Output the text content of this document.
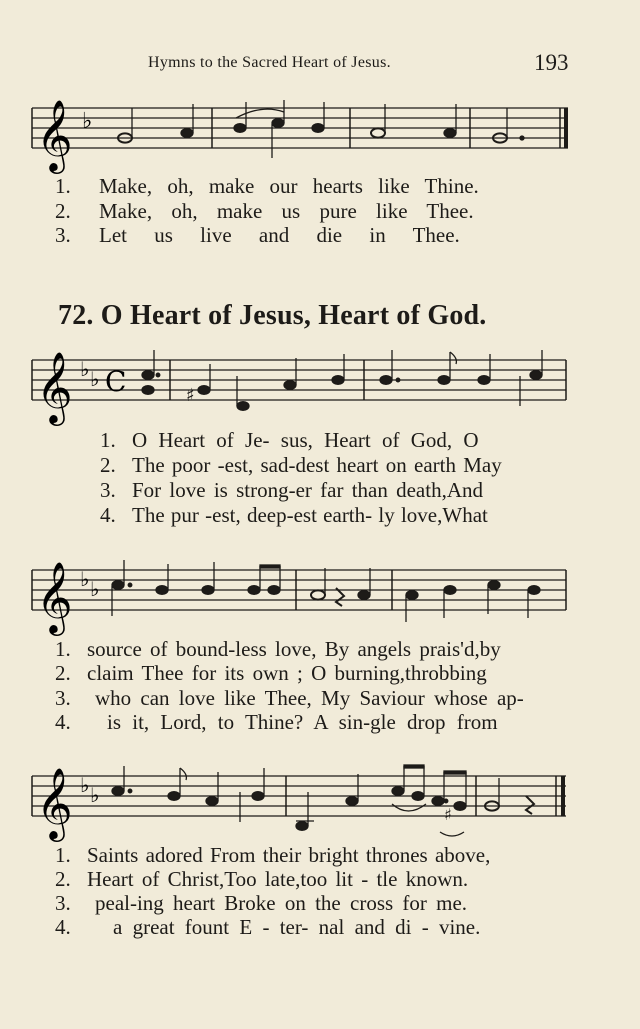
Hymns to the Sacred Heart of Jesus.	193
𝄞 ♭
1. Make, oh, make our hearts like Thine.
2. Make, oh, make us pure like Thee.
3. Let us live and die in Thee.
72. O Heart of Jesus, Heart of God.
𝄞 ♭ ♭ C	♯
1. O Heart of Je- sus, Heart of God, O
2. The poor -est, sad-dest heart on earth May
3. For love is strong-er far than death,And
4. The pur -est, deep-est earth- ly love,What
𝄞 ♭ ♭
1. source of bound-less love, By angels prais'd,by
2. claim Thee for its own ; O burning,throbbing
3. who can love like Thee, My Saviour whose ap-
4. is it, Lord, to Thine? A sin-gle drop from
𝄞 ♭ ♭
♯
1. Saints adored From their bright thrones above,
2. Heart of Christ,Too late,too lit - tle known.
3. peal-ing heart Broke on the cross for me.
4. a great fount E - ter- nal and di - vine.
